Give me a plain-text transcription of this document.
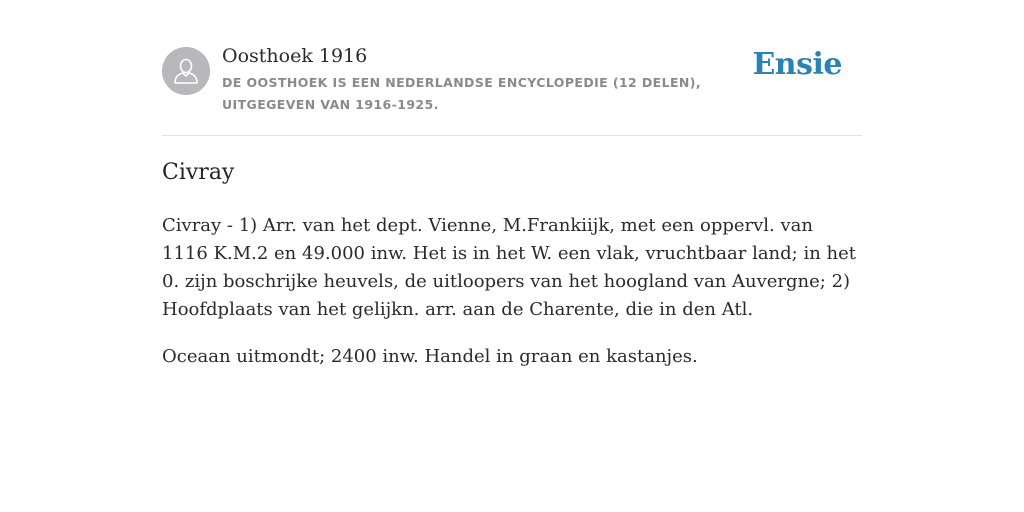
Oosthoek 1916
DE OOSTHOEK IS EEN NEDERLANDSE ENCYCLOPEDIE (12 DELEN), UITGEGEVEN VAN 1916-1925.
Ensie
Civray

Civray - 1) Arr. van het dept. Vienne, M.Frankiijk, met een oppervl. van 1116 K.M.2 en 49.000 inw. Het is in het W. een vlak, vruchtbaar land; in het 0. zijn boschrijke heuvels, de uitloopers van het hoogland van Auvergne; 2) Hoofdplaats van het gelijkn. arr. aan de Charente, die in den Atl.

Oceaan uitmondt; 2400 inw. Handel in graan en kastanjes.
